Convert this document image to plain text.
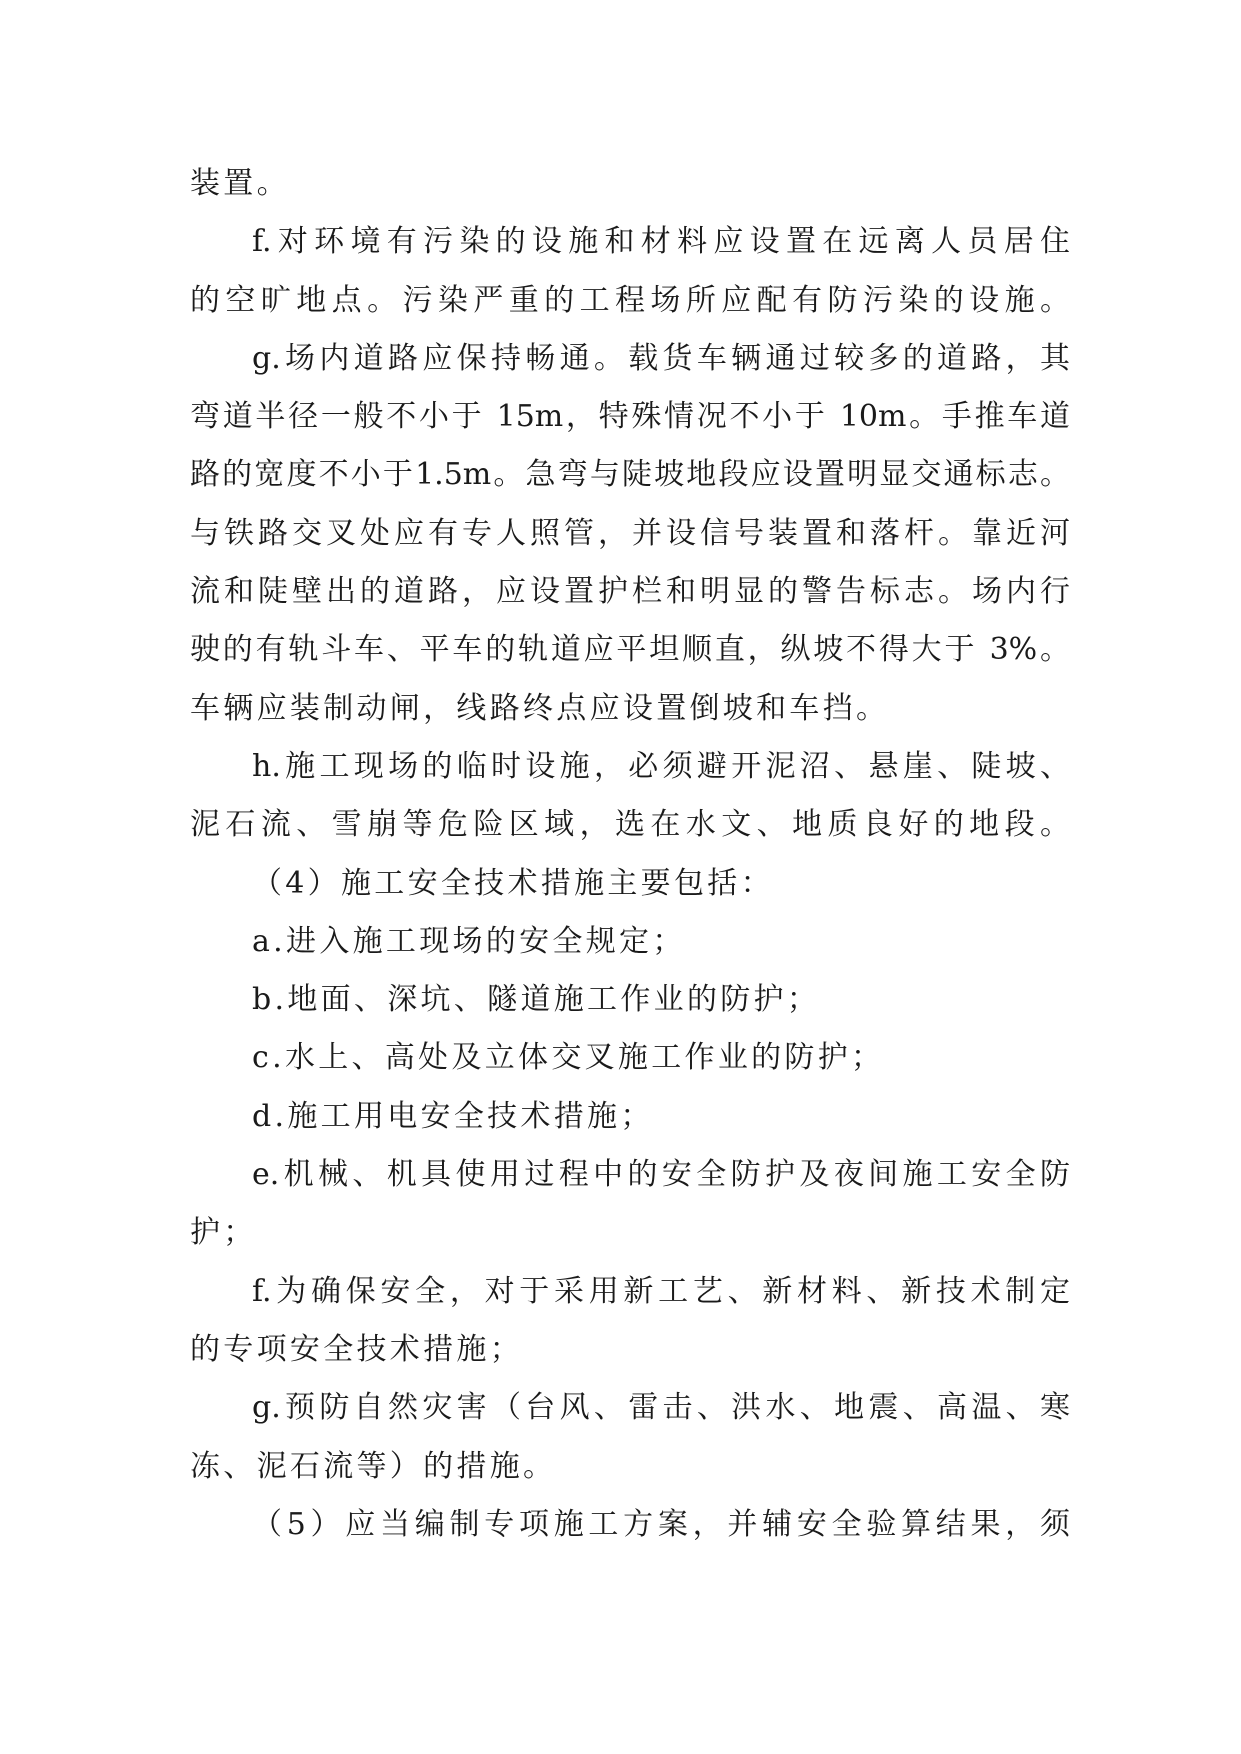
装置。
f.对环境有污染的设施和材料应设置在远离人员居住
的空旷地点。污染严重的工程场所应配有防污染的设施。
g.场内道路应保持畅通。载货车辆通过较多的道路，其
弯道半径一般不小于 15m，特殊情况不小于 10m。手推车道
路的宽度不小于1.5m。急弯与陡坡地段应设置明显交通标志。
与铁路交叉处应有专人照管，并设信号装置和落杆。靠近河
流和陡壁出的道路，应设置护栏和明显的警告标志。场内行
驶的有轨斗车、平车的轨道应平坦顺直，纵坡不得大于 3%。
车辆应装制动闸，线路终点应设置倒坡和车挡。
h.施工现场的临时设施，必须避开泥沼、悬崖、陡坡、
泥石流、雪崩等危险区域，选在水文、地质良好的地段。
（4）施工安全技术措施主要包括：
a.进入施工现场的安全规定；
b.地面、深坑、隧道施工作业的防护；
c.水上、高处及立体交叉施工作业的防护；
d.施工用电安全技术措施；
e.机械、机具使用过程中的安全防护及夜间施工安全防
护；
f.为确保安全，对于采用新工艺、新材料、新技术制定
的专项安全技术措施；
g.预防自然灾害（台风、雷击、洪水、地震、高温、寒
冻、泥石流等）的措施。
（5）应当编制专项施工方案，并辅安全验算结果，须
